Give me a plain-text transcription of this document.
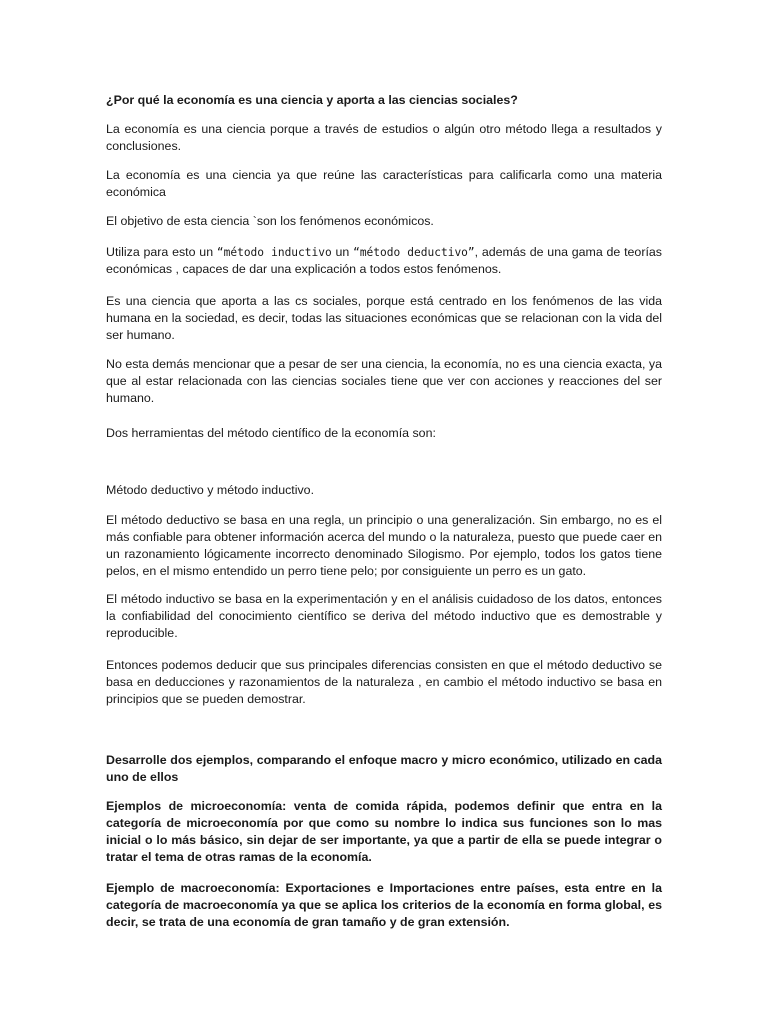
¿Por qué la economía es una ciencia y aporta a las ciencias sociales?

La economía es una ciencia porque a través de estudios o algún otro método llega a resultados y conclusiones.

La economía es una ciencia ya que reúne las características para calificarla como una materia económica

El objetivo de esta ciencia `son los fenómenos económicos.

Utiliza para esto un “método inductivo un “método deductivo”, además de una gama de teorías económicas , capaces de dar una explicación a todos estos fenómenos.

Es una ciencia que aporta a las cs sociales, porque está centrado en los fenómenos de las vida humana en la sociedad, es decir, todas las situaciones económicas que se relacionan con la vida del ser humano.

No esta demás mencionar que a pesar de ser una ciencia, la economía, no es una ciencia exacta, ya que al estar relacionada con las ciencias sociales tiene que ver con acciones y reacciones del ser humano.

Dos herramientas del método científico de la economía son:

Método deductivo y método inductivo.

El método deductivo se basa en una regla, un principio o una generalización. Sin embargo, no es el más confiable para obtener información acerca del mundo o la naturaleza, puesto que puede caer en un razonamiento lógicamente incorrecto denominado Silogismo. Por ejemplo, todos los gatos tiene pelos, en el mismo entendido un perro tiene pelo; por consiguiente un perro es un gato.

El método inductivo se basa en la experimentación y en el análisis cuidadoso de los datos, entonces la confiabilidad del conocimiento científico se deriva del método inductivo que es demostrable y reproducible.

Entonces podemos deducir que sus principales diferencias consisten en que el método deductivo se basa en deducciones y razonamientos de la naturaleza , en cambio el método inductivo se basa en principios que se pueden demostrar.

Desarrolle dos ejemplos, comparando el enfoque macro y micro económico, utilizado en cada uno de ellos

Ejemplos de microeconomía: venta de comida rápida, podemos definir que entra en la categoría de microeconomía por que como su nombre lo indica sus funciones son lo mas inicial o lo más básico, sin dejar de ser importante, ya que a partir de ella se puede integrar o tratar el tema de otras ramas de la economía.

Ejemplo de macroeconomía: Exportaciones e Importaciones entre países, esta entre en la categoría de macroeconomía ya que se aplica los criterios de la economía en forma global, es decir, se trata de una economía de gran tamaño y de gran extensión.
